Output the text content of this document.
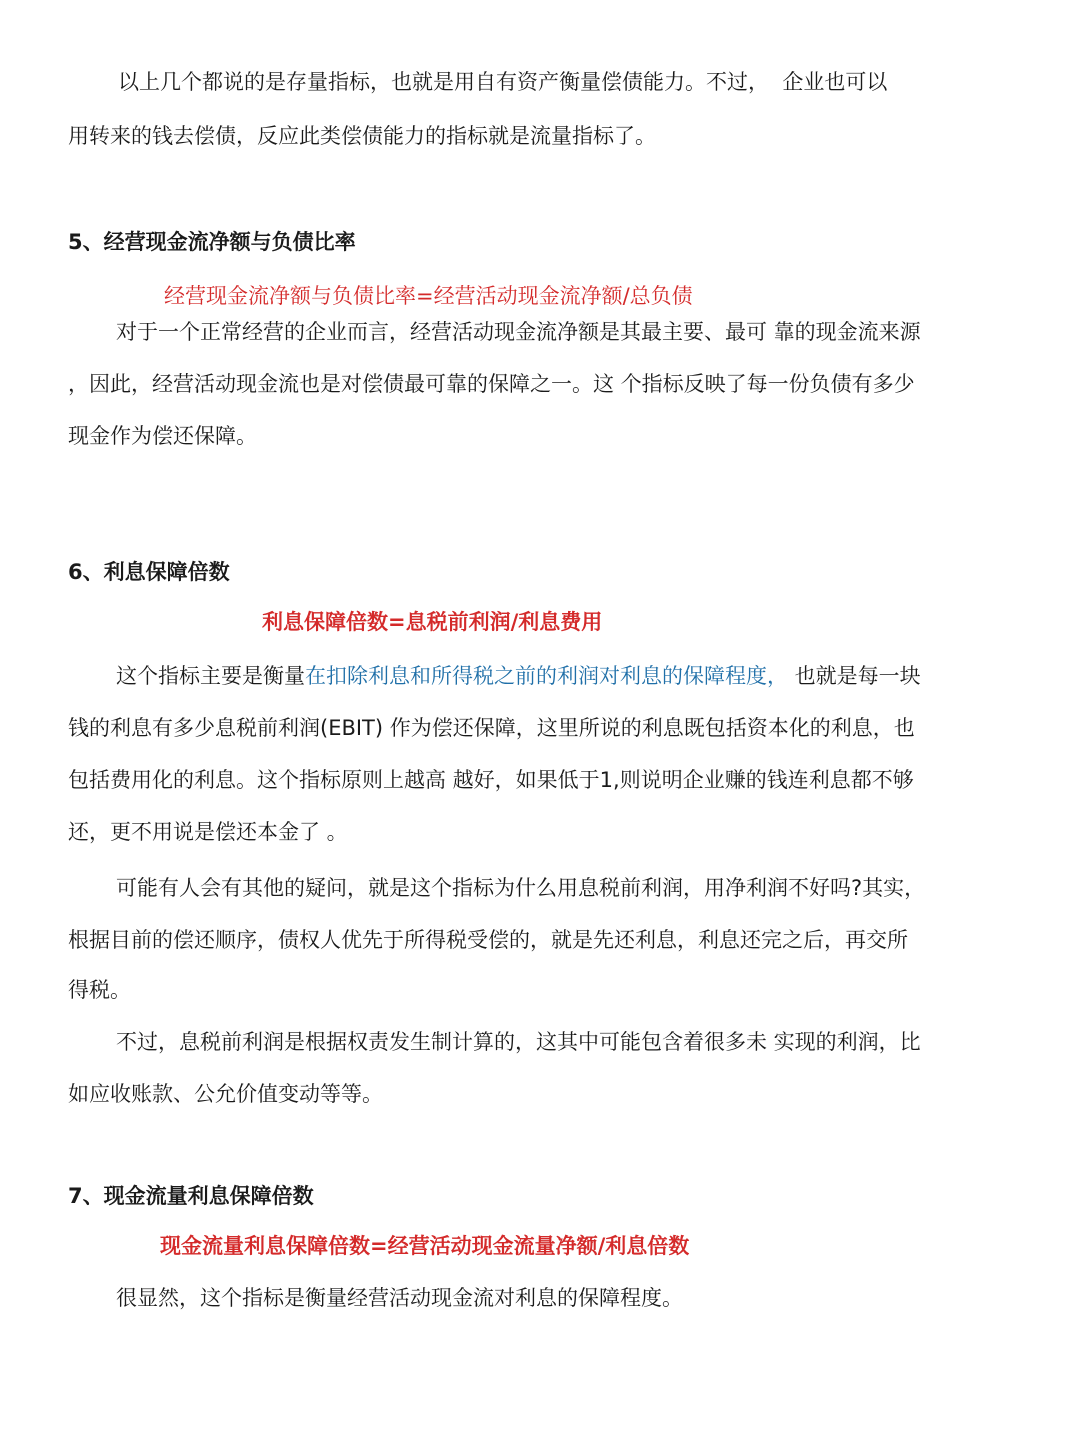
以上几个都说的是存量指标，也就是用自有资产衡量偿债能力。不过，  企业也可以
用转来的钱去偿债，反应此类偿债能力的指标就是流量指标了。
5、经营现金流净额与负债比率
经营现金流净额与负债比率=经营活动现金流净额/总负债
对于一个正常经营的企业而言，经营活动现金流净额是其最主要、最可 靠的现金流来源
，因此，经营活动现金流也是对偿债最可靠的保障之一。这 个指标反映了每一份负债有多少
现金作为偿还保障。
6、利息保障倍数
利息保障倍数=息税前利润/利息费用
这个指标主要是衡量在扣除利息和所得税之前的利润对利息的保障程度， 也就是每一块
钱的利息有多少息税前利润(EBIT) 作为偿还保障，这里所说的利息既包括资本化的利息，也
包括费用化的利息。这个指标原则上越高 越好，如果低于1,则说明企业赚的钱连利息都不够
还，更不用说是偿还本金了 。
可能有人会有其他的疑问，就是这个指标为什么用息税前利润，用净利润不好吗?其实，
根据目前的偿还顺序，债权人优先于所得税受偿的，就是先还利息，利息还完之后，再交所
得税。
不过，息税前利润是根据权责发生制计算的，这其中可能包含着很多未 实现的利润，比
如应收账款、公允价值变动等等。
7、现金流量利息保障倍数
现金流量利息保障倍数=经营活动现金流量净额/利息倍数
很显然，这个指标是衡量经营活动现金流对利息的保障程度。
